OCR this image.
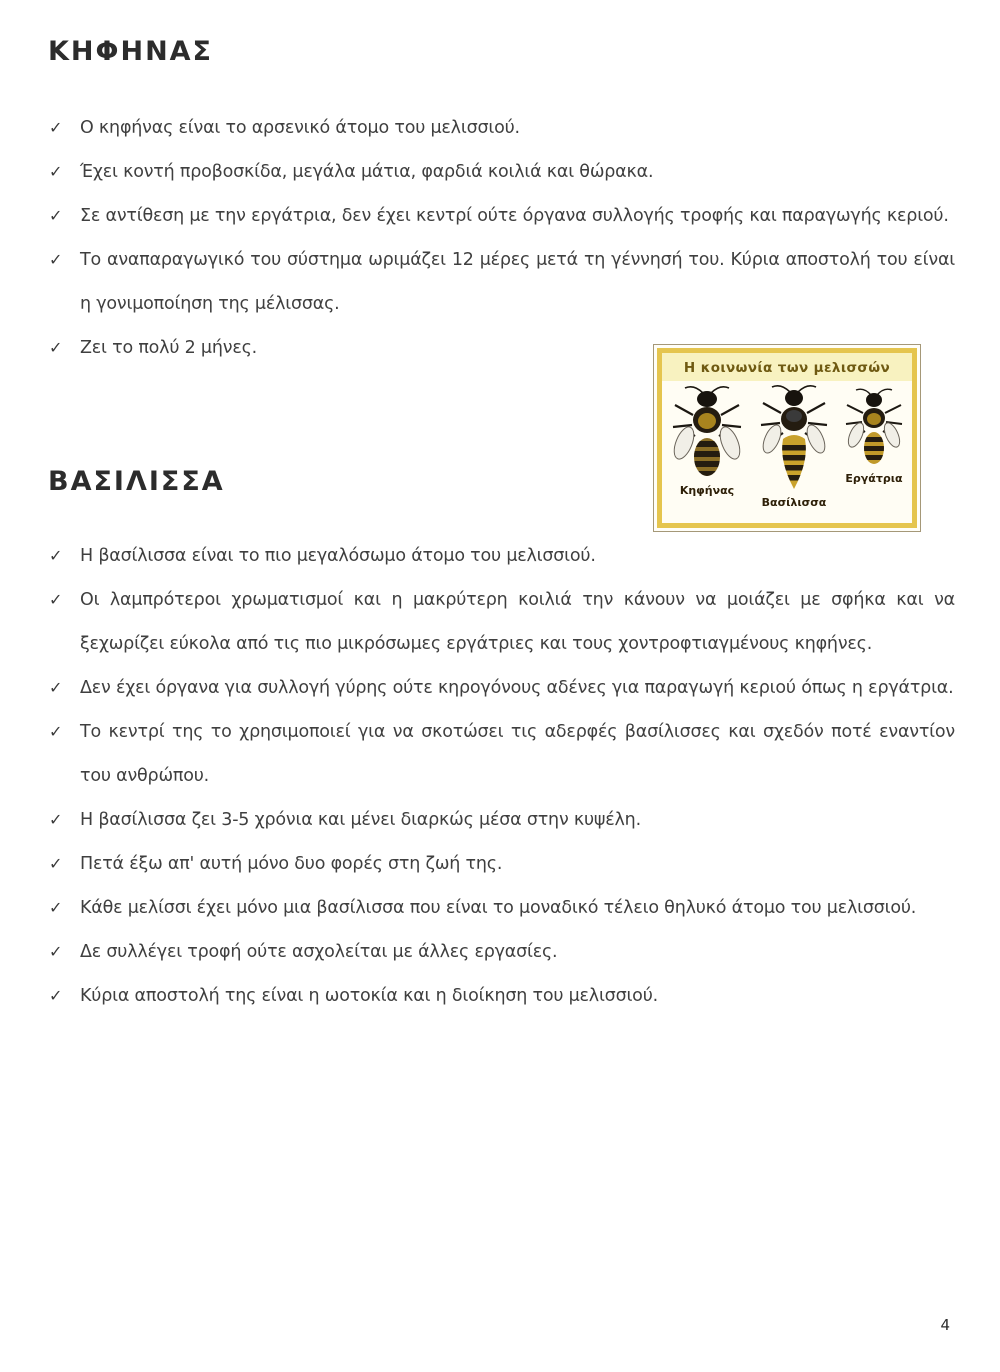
ΚΗΦΗΝΑΣ
✓ Ο κηφήνας είναι το αρσενικό άτομο του μελισσιού.
✓ Έχει κοντή προβοσκίδα, μεγάλα μάτια, φαρδιά κοιλιά και θώρακα.
✓ Σε αντίθεση με την εργάτρια, δεν έχει κεντρί ούτε όργανα συλλογής τροφής και παραγωγής κεριού.
✓ Το αναπαραγωγικό του σύστημα ωριμάζει 12 μέρες μετά τη γέννησή του. Κύρια αποστολή του είναι η γονιμοποίηση της μέλισσας.
✓ Ζει το πολύ 2 μήνες.
ΒΑΣΙΛΙΣΣΑ
✓ Η βασίλισσα είναι το πιο μεγαλόσωμο άτομο του μελισσιού.
✓ Οι λαμπρότεροι χρωματισμοί και η μακρύτερη κοιλιά την κάνουν να μοιάζει με σφήκα και να ξεχωρίζει εύκολα από τις πιο μικρόσωμες εργάτριες και τους χοντροφτιαγμένους κηφήνες.
✓ Δεν έχει όργανα για συλλογή γύρης ούτε κηρογόνους αδένες για παραγωγή κεριού όπως η εργάτρια.
✓ Το κεντρί της το χρησιμοποιεί για να σκοτώσει τις αδερφές βασίλισσες και σχεδόν ποτέ εναντίον του ανθρώπου.
✓ Η βασίλισσα ζει 3-5 χρόνια και μένει διαρκώς μέσα στην κυψέλη.
✓ Πετά έξω απ' αυτή μόνο δυο φορές στη ζωή της.
✓ Κάθε μελίσσι έχει μόνο μια βασίλισσα που είναι το μοναδικό τέλειο θηλυκό άτομο του μελισσιού.
✓ Δε συλλέγει τροφή ούτε ασχολείται με άλλες εργασίες.
✓ Κύρια αποστολή της είναι η ωοτοκία και η διοίκηση του μελισσιού.
Η κοινωνία των μελισσών
Κηφήνας
Βασίλισσα
Εργάτρια
4
